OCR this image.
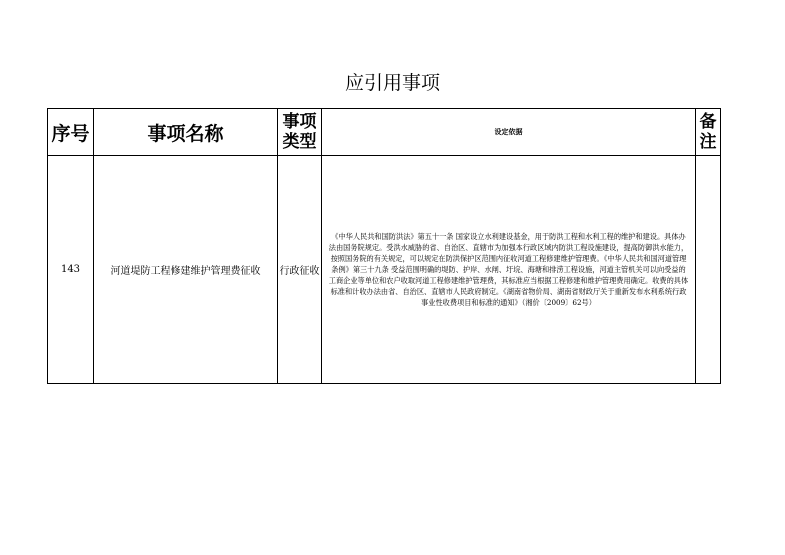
应引用事项
序号	事项名称	事项类型	设定依据	备注
143	河道堤防工程修建维护管理费征收	行政征收	《中华人民共和国防洪法》第五十一条 国家设立水利建设基金，用于防洪工程和水利工程的维护和建设。具体办法由国务院规定。受洪水威胁的省、自治区、直辖市为加强本行政区域内防洪工程设施建设，提高防御洪水能力，按照国务院的有关规定，可以规定在防洪保护区范围内征收河道工程修建维护管理费。《中华人民共和国河道管理条例》第三十九条 受益范围明确的堤防、护岸、水闸、圩垸、海塘和排涝工程设施，河道主管机关可以向受益的工商企业等单位和农户收取河道工程修建维护管理费，其标准应当根据工程修建和维护管理费用确定。收费的具体标准和计收办法由省、自治区、直辖市人民政府制定。《湖南省物价局、湖南省财政厅关于重新发布水利系统行政事业性收费项目和标准的通知》（湘价〔2009〕62号）	
